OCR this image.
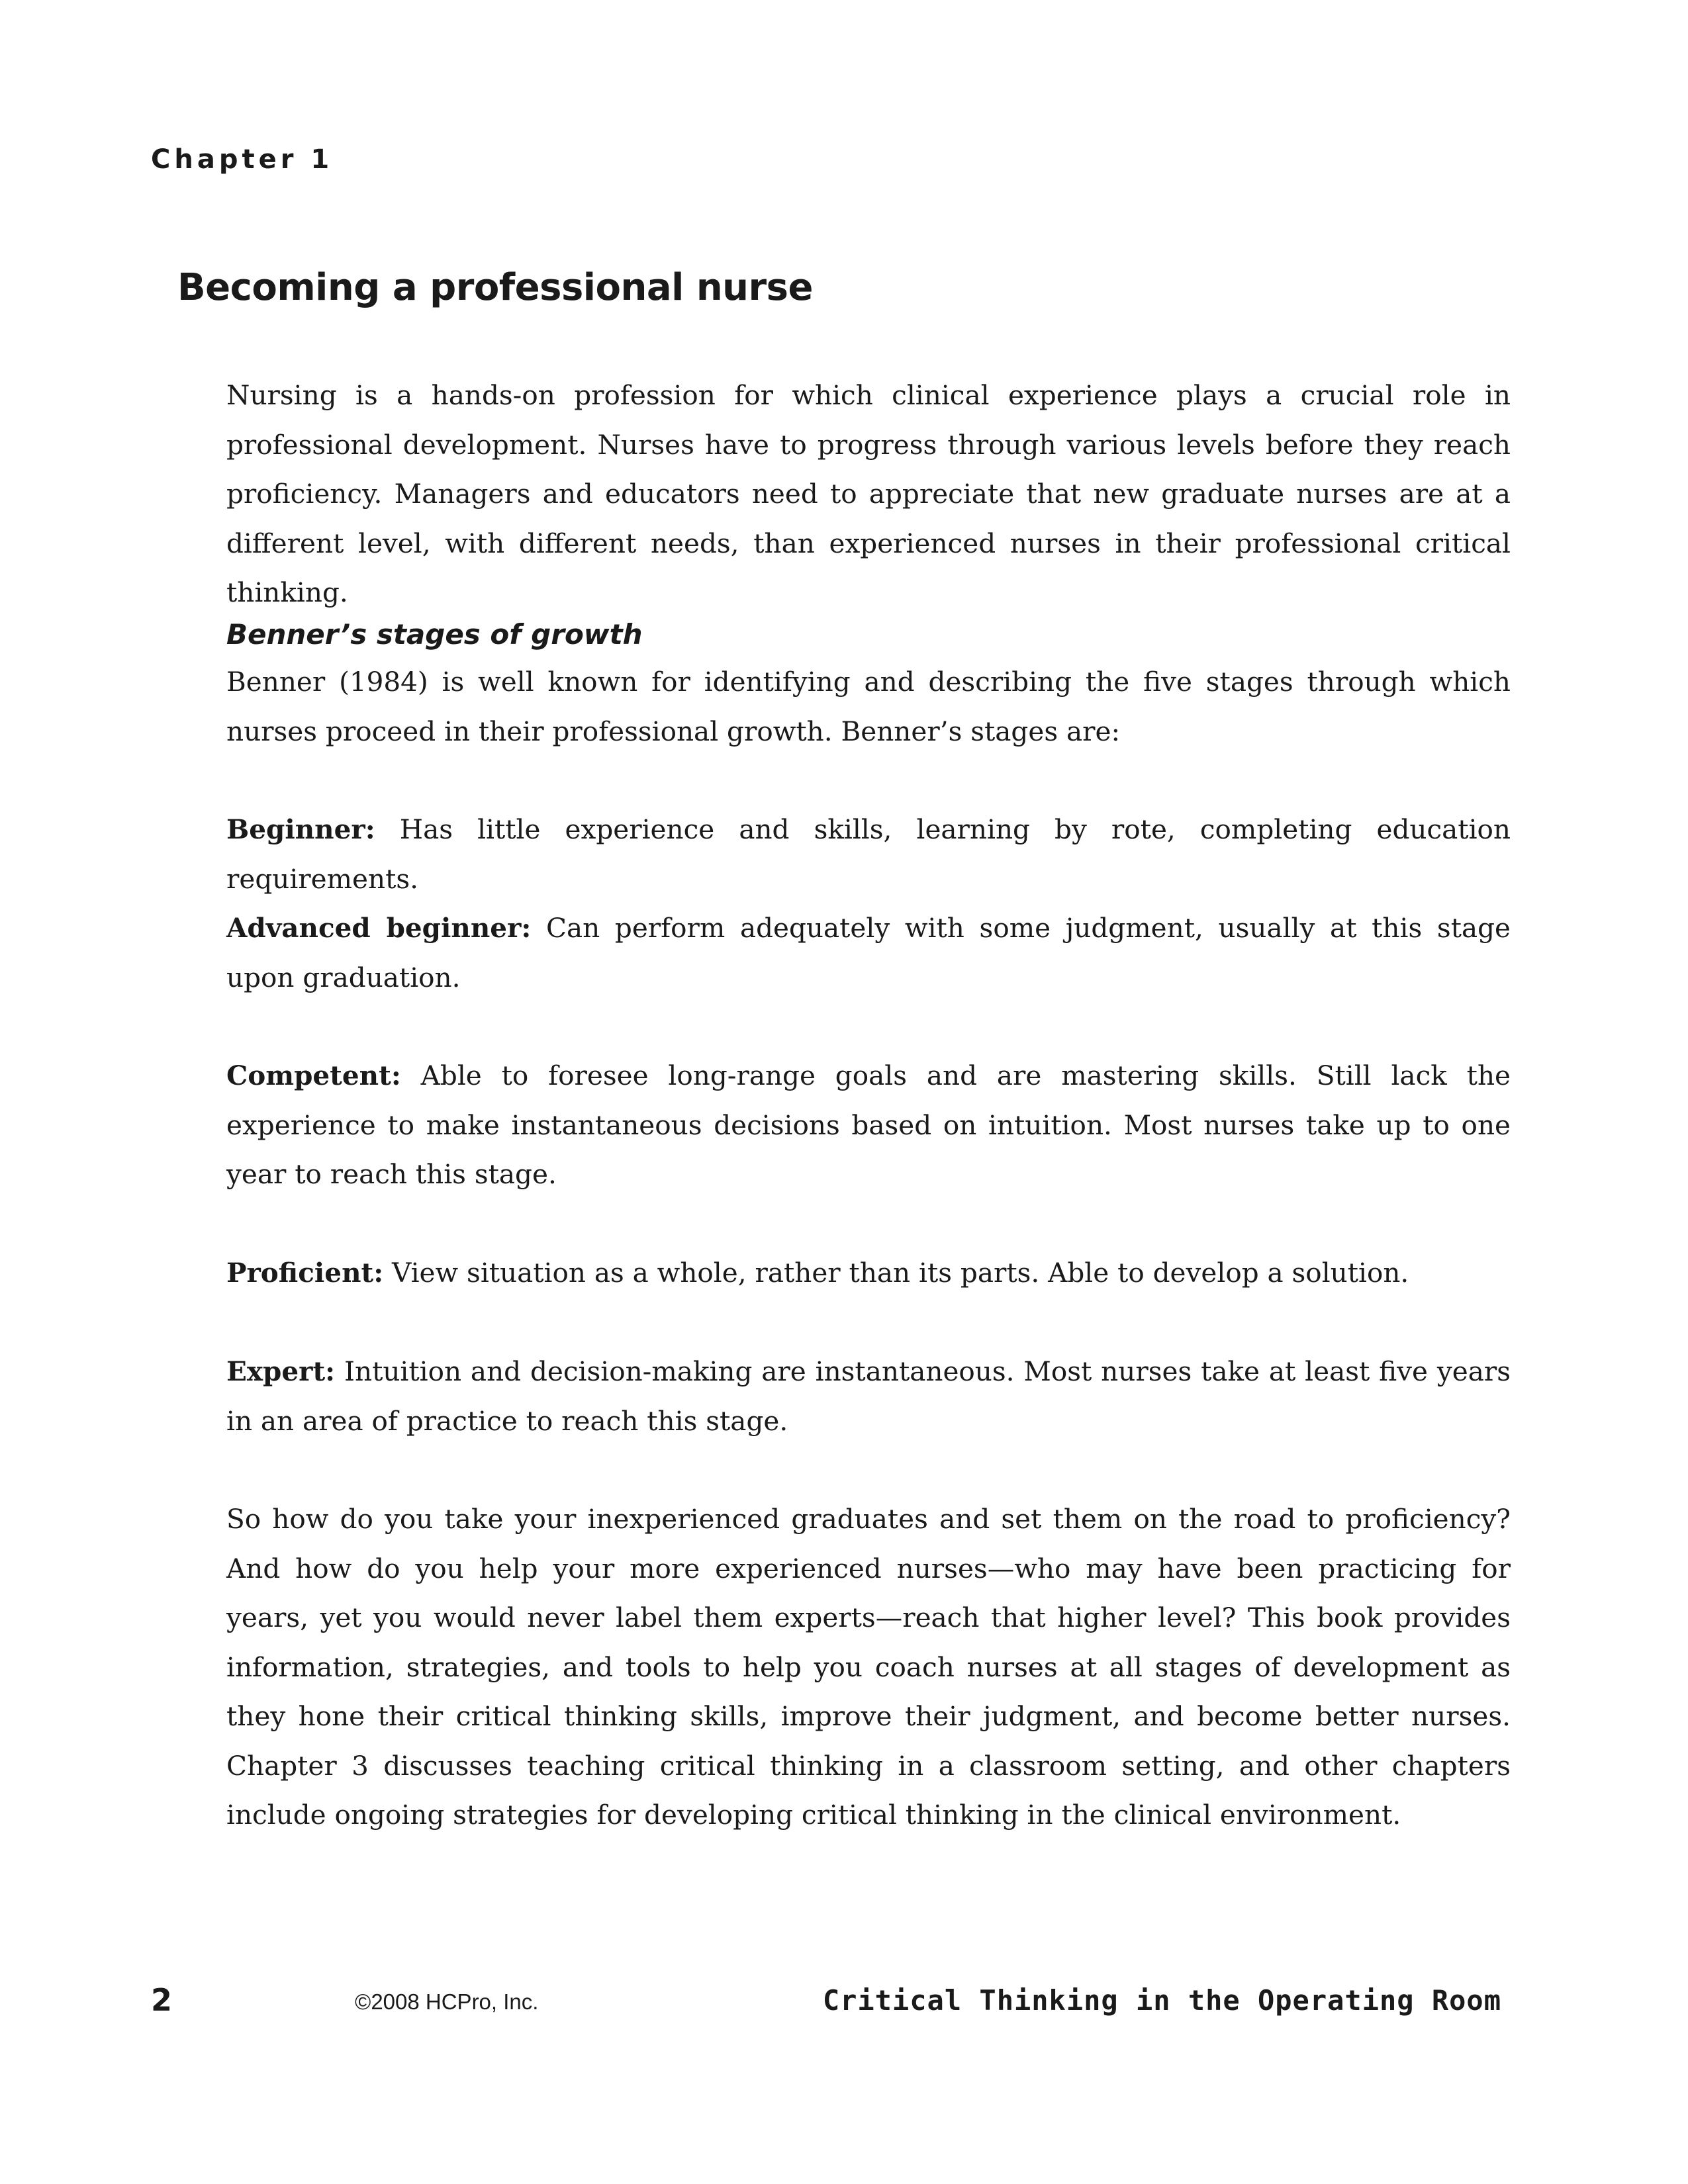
Chapter 1

Becoming a professional nurse

Nursing is a hands-on profession for which clinical experience plays a crucial role in professional development. Nurses have to progress through various levels before they reach proficiency. Managers and educators need to appreciate that new graduate nurses are at a different level, with different needs, than experienced nurses in their professional critical thinking.

Benner’s stages of growth

Benner (1984) is well known for identifying and describing the five stages through which nurses proceed in their professional growth. Benner’s stages are:

Beginner: Has little experience and skills, learning by rote, completing education requirements.

Advanced beginner: Can perform adequately with some judgment, usually at this stage upon graduation.

Competent: Able to foresee long-range goals and are mastering skills. Still lack the experience to make instantaneous decisions based on intuition. Most nurses take up to one year to reach this stage.

Proficient: View situation as a whole, rather than its parts. Able to develop a solution.

Expert: Intuition and decision-making are instantaneous. Most nurses take at least five years in an area of practice to reach this stage.

So how do you take your inexperienced graduates and set them on the road to proficiency? And how do you help your more experienced nurses—who may have been practicing for years, yet you would never label them experts—reach that higher level? This book provides information, strategies, and tools to help you coach nurses at all stages of development as they hone their critical thinking skills, improve their judgment, and become better nurses. Chapter 3 discusses teaching critical thinking in a classroom setting, and other chapters include ongoing strategies for developing critical thinking in the clinical environment.

2	©2008 HCPro, Inc.	Critical Thinking in the Operating Room
